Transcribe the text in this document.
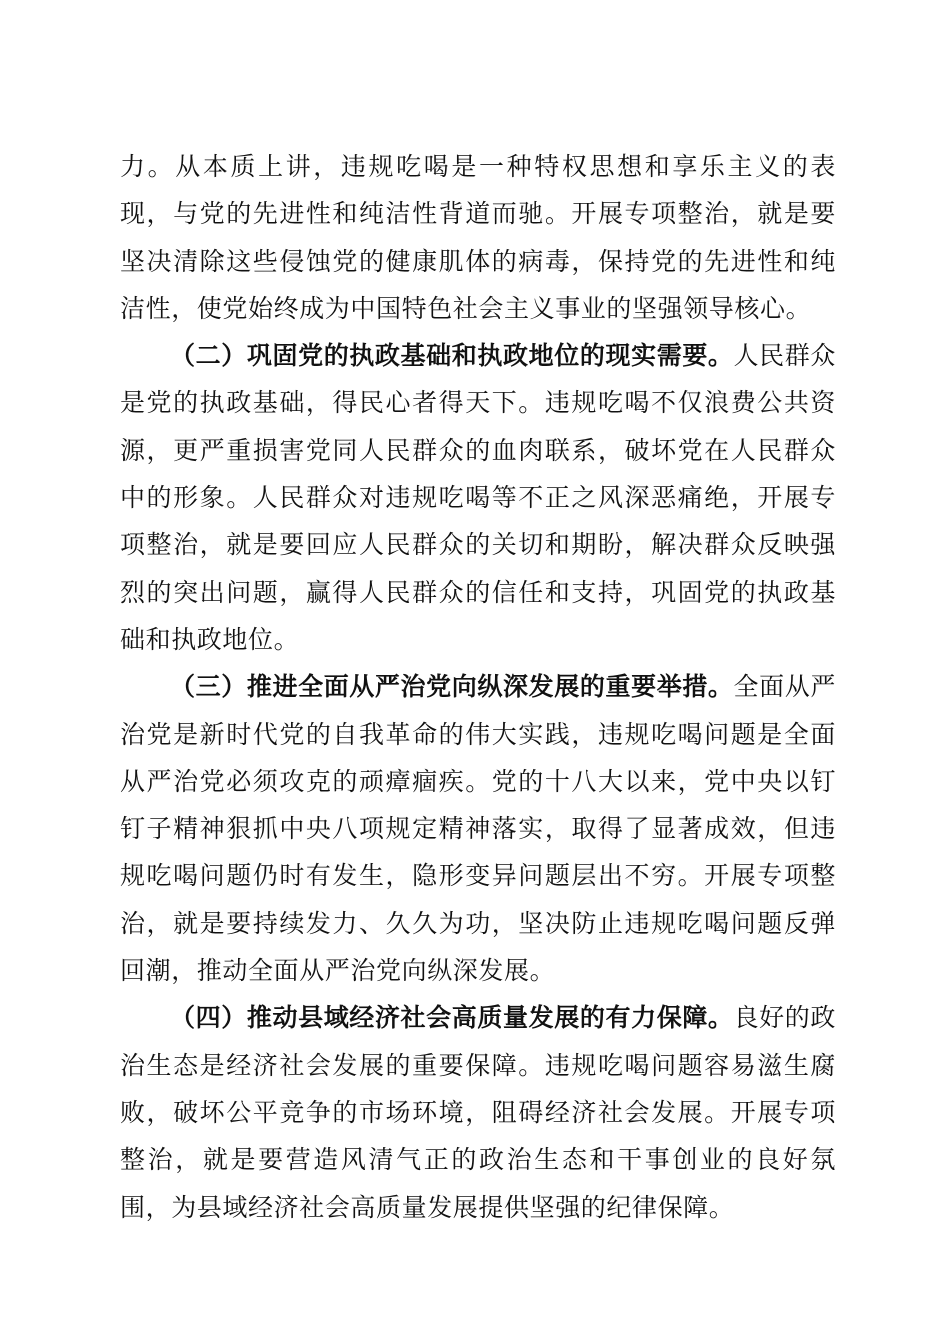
力。从本质上讲，违规吃喝是一种特权思想和享乐主义的表现，与党的先进性和纯洁性背道而驰。开展专项整治，就是要坚决清除这些侵蚀党的健康肌体的病毒，保持党的先进性和纯洁性，使党始终成为中国特色社会主义事业的坚强领导核心。

（二）巩固党的执政基础和执政地位的现实需要。人民群众是党的执政基础，得民心者得天下。违规吃喝不仅浪费公共资源，更严重损害党同人民群众的血肉联系，破坏党在人民群众中的形象。人民群众对违规吃喝等不正之风深恶痛绝，开展专项整治，就是要回应人民群众的关切和期盼，解决群众反映强烈的突出问题，赢得人民群众的信任和支持，巩固党的执政基础和执政地位。

（三）推进全面从严治党向纵深发展的重要举措。全面从严治党是新时代党的自我革命的伟大实践，违规吃喝问题是全面从严治党必须攻克的顽瘴痼疾。党的十八大以来，党中央以钉钉子精神狠抓中央八项规定精神落实，取得了显著成效，但违规吃喝问题仍时有发生，隐形变异问题层出不穷。开展专项整治，就是要持续发力、久久为功，坚决防止违规吃喝问题反弹回潮，推动全面从严治党向纵深发展。

（四）推动县域经济社会高质量发展的有力保障。良好的政治生态是经济社会发展的重要保障。违规吃喝问题容易滋生腐败，破坏公平竞争的市场环境，阻碍经济社会发展。开展专项整治，就是要营造风清气正的政治生态和干事创业的良好氛围，为县域经济社会高质量发展提供坚强的纪律保障。
